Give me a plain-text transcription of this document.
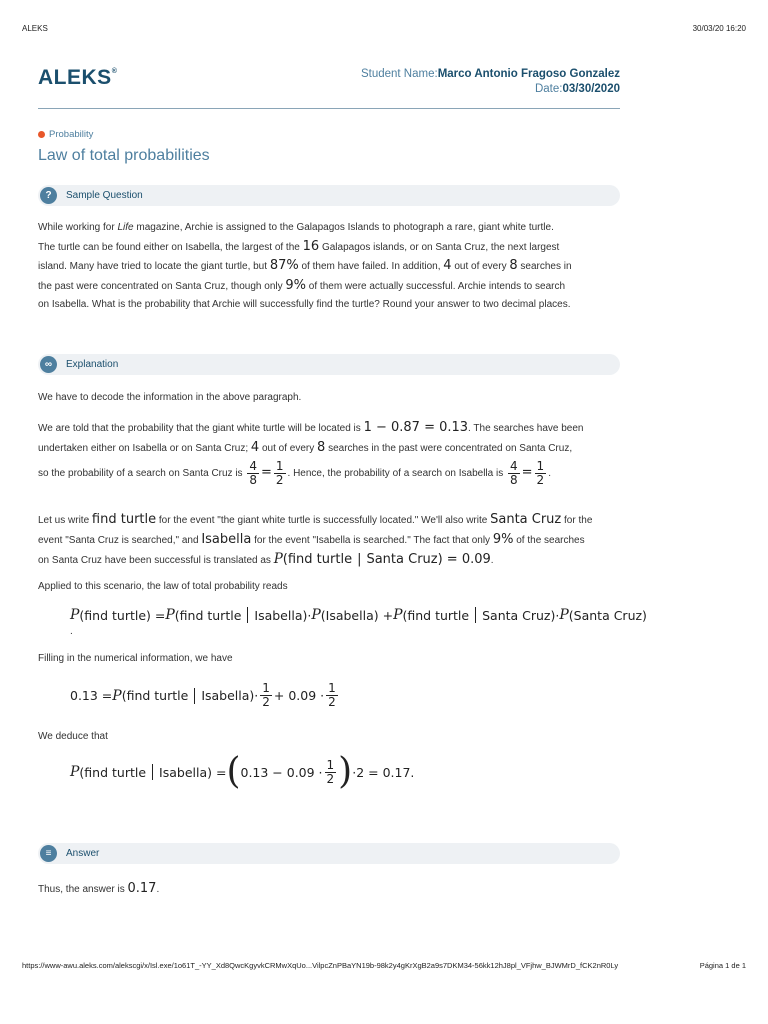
ALEKS	30/03/20 16:20
ALEKS®	Student Name:Marco Antonio Fragoso Gonzalez
Date:03/30/2020
Probability
Law of total probabilities
?	Sample Question
While working for Life magazine, Archie is assigned to the Galapagos Islands to photograph a rare, giant white turtle.
The turtle can be found either on Isabella, the largest of the 16 Galapagos islands, or on Santa Cruz, the next largest
island. Many have tried to locate the giant turtle, but 87% of them have failed. In addition, 4 out of every 8 searches in
the past were concentrated on Santa Cruz, though only 9% of them were actually successful. Archie intends to search
on Isabella. What is the probability that Archie will successfully find the turtle? Round your answer to two decimal places.
∞	Explanation
We have to decode the information in the above paragraph.
We are told that the probability that the giant white turtle will be located is 1 − 0.87 = 0.13. The searches have been
undertaken either on Isabella or on Santa Cruz; 4 out of every 8 searches in the past were concentrated on Santa Cruz,
so the probability of a search on Santa Cruz is $\frac{4}{8} = \frac{1}{2}$ . Hence, the probability of a search on Isabella is $\frac{4}{8} = \frac{1}{2}$ .
Let us write find turtle for the event "the giant white turtle is successfully located." We'll also write Santa Cruz for the
event "Santa Cruz is searched," and Isabella for the event "Isabella is searched." The fact that only 9% of the searches
on Santa Cruz have been successful is translated as P(find turtle | Santa Cruz) = 0.09.
Applied to this scenario, the law of total probability reads
P (find turtle) = P (find turtle Isabella)· P (Isabella) + P (find turtle Santa Cruz)· P (Santa Cruz)
.
Filling in the numerical information, we have
0.13 = P (find turtle Isabella)· $\frac{1}{2} + 0.09 \cdot \frac{1}{2}$
We deduce that
P (find turtle Isabella) = ( $0.13 - 0.09 \cdot \frac{1}{2}$ ) ·2 = 0.17.
≡	Answer
Thus, the answer is 0.17.
https://www-awu.aleks.com/alekscgi/x/Isl.exe/1o61T_-YY_Xd8QwcKgyvkCRMwXqUo...VilpcZnPBaYN19b-98k2y4gKrXgB2a9s7DKM34-56kk12hJ8pl_VFjhw_BJWMrD_fCK2nR0Ly	Página 1 de 1
